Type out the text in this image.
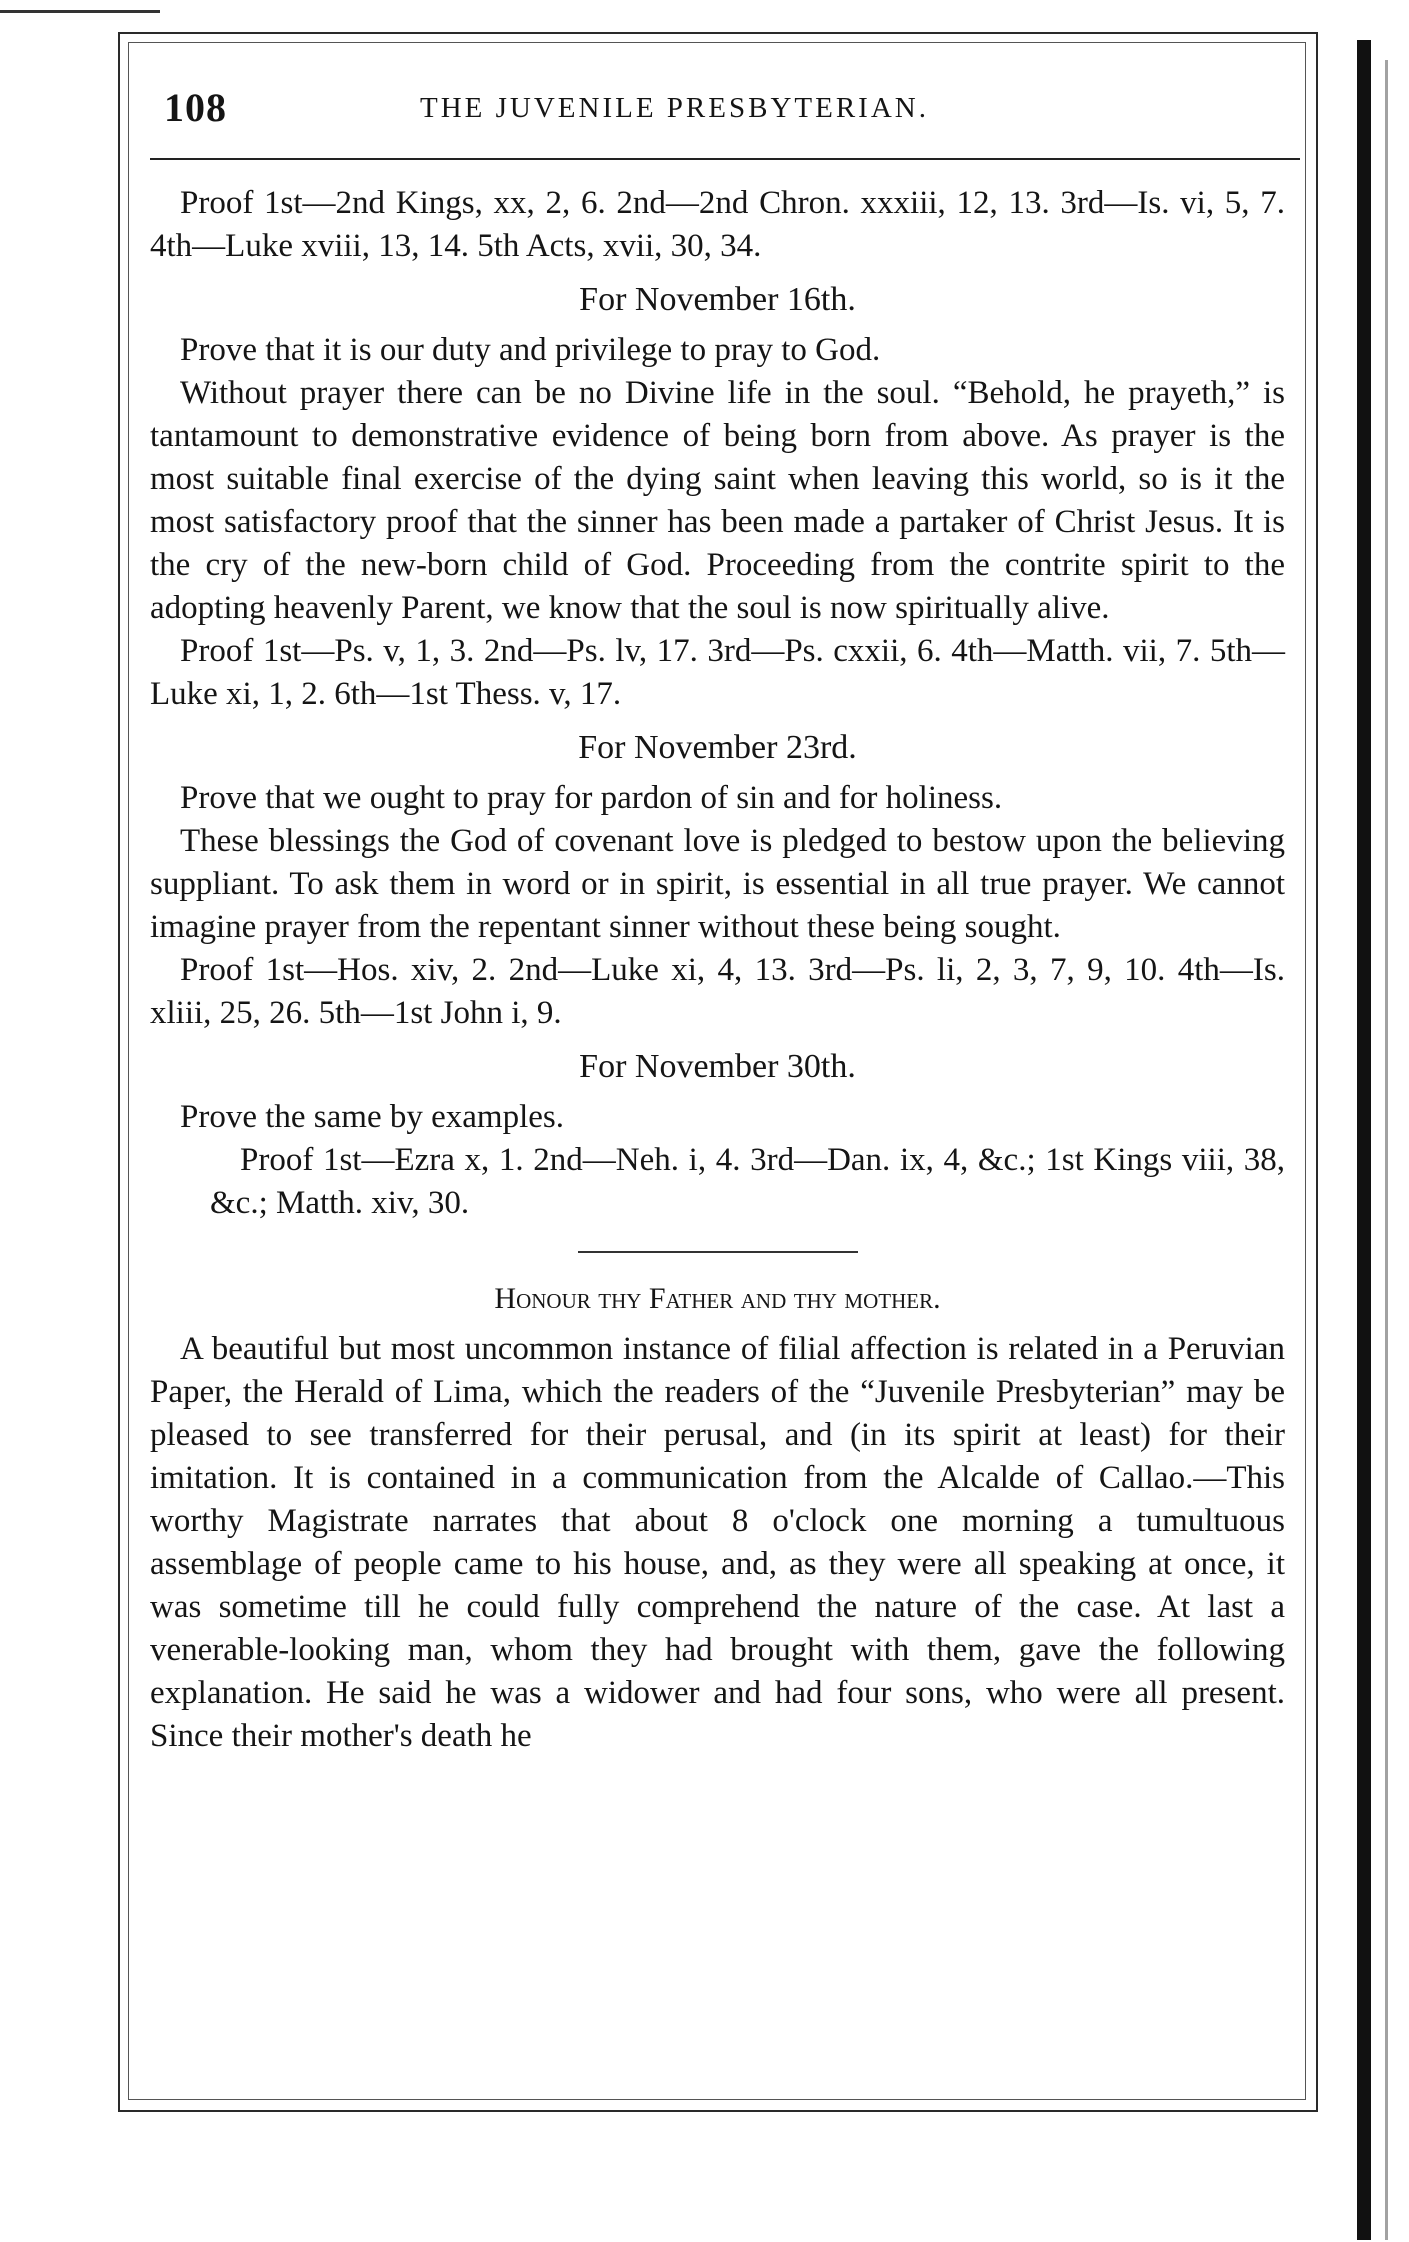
108	THE JUVENILE PRESBYTERIAN.

Proof 1st—2nd Kings, xx, 2, 6. 2nd—2nd Chron. xxxiii, 12, 13. 3rd—Is. vi, 5, 7. 4th—Luke xviii, 13, 14. 5th Acts, xvii, 30, 34.

For November 16th.

Prove that it is our duty and privilege to pray to God.

Without prayer there can be no Divine life in the soul. “Behold, he prayeth,” is tantamount to demonstrative evidence of being born from above. As prayer is the most suitable final exercise of the dying saint when leaving this world, so is it the most satisfactory proof that the sinner has been made a partaker of Christ Jesus. It is the cry of the new-born child of God. Proceeding from the contrite spirit to the adopting heavenly Parent, we know that the soul is now spiritually alive.

Proof 1st—Ps. v, 1, 3. 2nd—Ps. lv, 17. 3rd—Ps. cxxii, 6. 4th—Matth. vii, 7. 5th—Luke xi, 1, 2. 6th—1st Thess. v, 17.

For November 23rd.

Prove that we ought to pray for pardon of sin and for holiness.

These blessings the God of covenant love is pledged to bestow upon the believing suppliant. To ask them in word or in spirit, is essential in all true prayer. We cannot imagine prayer from the repentant sinner without these being sought.

Proof 1st—Hos. xiv, 2. 2nd—Luke xi, 4, 13. 3rd—Ps. li, 2, 3, 7, 9, 10. 4th—Is. xliii, 25, 26. 5th—1st John i, 9.

For November 30th.

Prove the same by examples.

Proof 1st—Ezra x, 1. 2nd—Neh. i, 4. 3rd—Dan. ix, 4, &c.; 1st Kings viii, 38, &c.; Matth. xiv, 30.

Honour thy Father and thy mother.

A beautiful but most uncommon instance of filial affection is related in a Peruvian Paper, the Herald of Lima, which the readers of the “Juvenile Presbyterian” may be pleased to see transferred for their perusal, and (in its spirit at least) for their imitation. It is contained in a communication from the Alcalde of Callao.—This worthy Magistrate narrates that about 8 o'clock one morning a tumultuous assemblage of people came to his house, and, as they were all speaking at once, it was sometime till he could fully comprehend the nature of the case. At last a venerable-looking man, whom they had brought with them, gave the following explanation. He said he was a widower and had four sons, who were all present. Since their mother's death he
